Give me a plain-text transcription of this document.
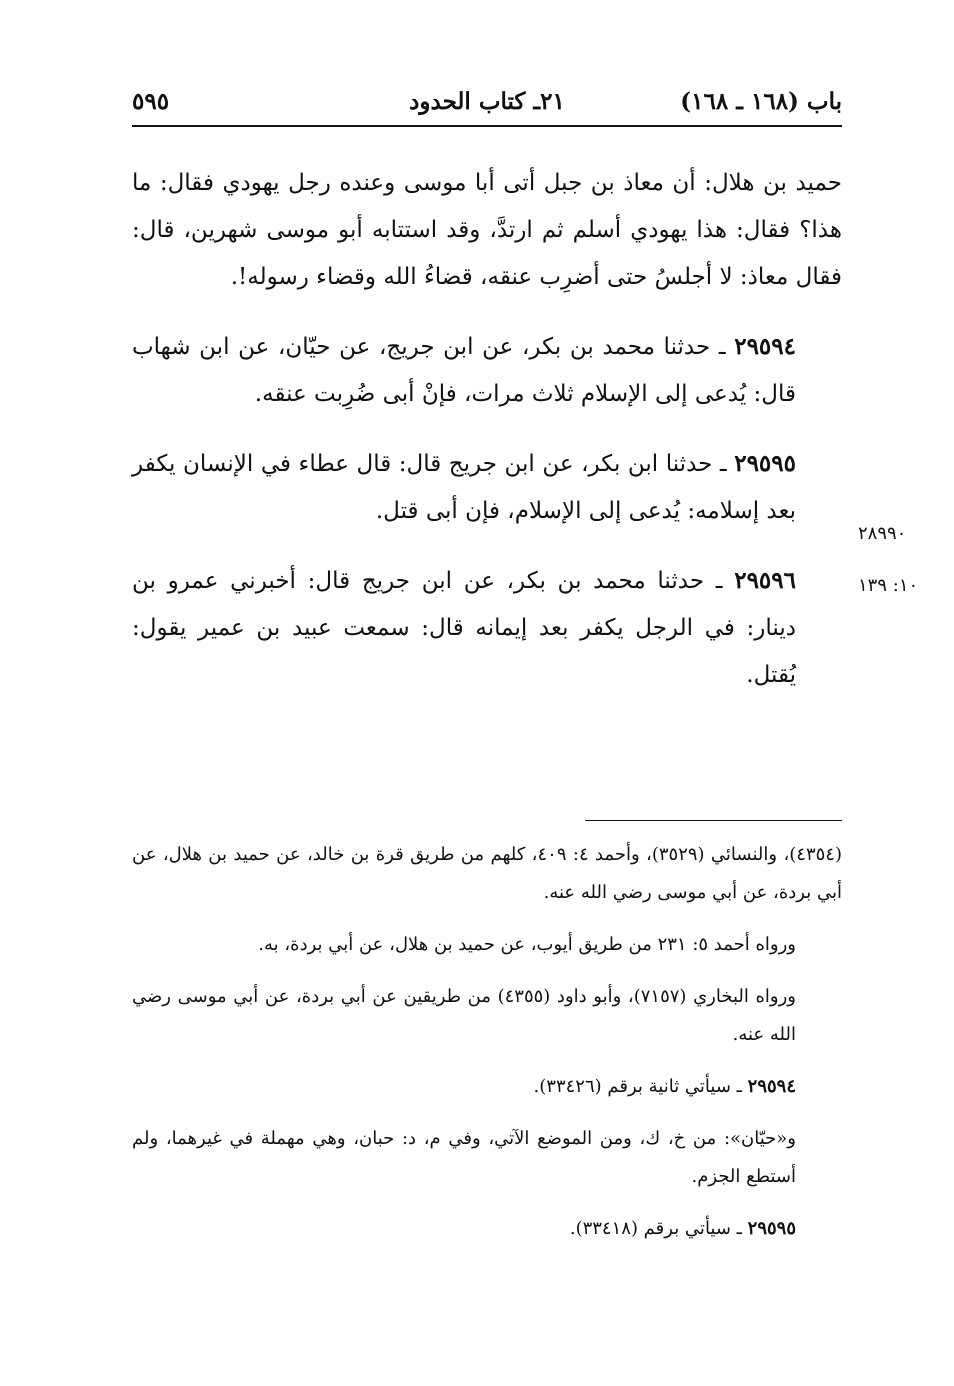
باب (١٦٨ ـ ١٦٨)
٢١ـ كتاب الحدود
٥٩٥

حميد بن هلال: أن معاذ بن جبل أتى أبا موسى وعنده رجل يهودي فقال: ما هذا؟ فقال: هذا يهودي أسلم ثم ارتدَّ، وقد استتابه أبو موسى شهرين، قال: فقال معاذ: لا أجلسُ حتى أضرِب عنقه، قضاءُ الله وقضاء رسوله!.

٢٩٥٩٤ ـ حدثنا محمد بن بكر، عن ابن جريج، عن حيّان، عن ابن شهاب قال: يُدعى إلى الإسلام ثلاث مرات، فإنْ أبى ضُرِبت عنقه.

٢٩٥٩٥ ـ حدثنا ابن بكر، عن ابن جريج قال: قال عطاء في الإنسان يكفر بعد إسلامه: يُدعى إلى الإسلام، فإن أبى قتل.

٢٩٥٩٦ ـ حدثنا محمد بن بكر، عن ابن جريج قال: أخبرني عمرو بن دينار: في الرجل يكفر بعد إيمانه قال: سمعت عبيد بن عمير يقول: يُقتل.

٢٨٩٩٠
١٠: ١٣٩

(٤٣٥٤)، والنسائي (٣٥٢٩)، وأحمد ٤: ٤٠٩، كلهم من طريق قرة بن خالد، عن حميد بن هلال، عن أبي بردة، عن أبي موسى رضي الله عنه.

ورواه أحمد ٥: ٢٣١ من طريق أيوب، عن حميد بن هلال، عن أبي بردة، به.

ورواه البخاري (٧١٥٧)، وأبو داود (٤٣٥٥) من طريقين عن أبي بردة، عن أبي موسى رضي الله عنه.

٢٩٥٩٤ ـ سيأتي ثانية برقم (٣٣٤٢٦).

و«حيّان»: من خ، ك، ومن الموضع الآتي، وفي م، د: حبان، وهي مهملة في غيرهما، ولم أستطع الجزم.

٢٩٥٩٥ ـ سيأتي برقم (٣٣٤١٨).
